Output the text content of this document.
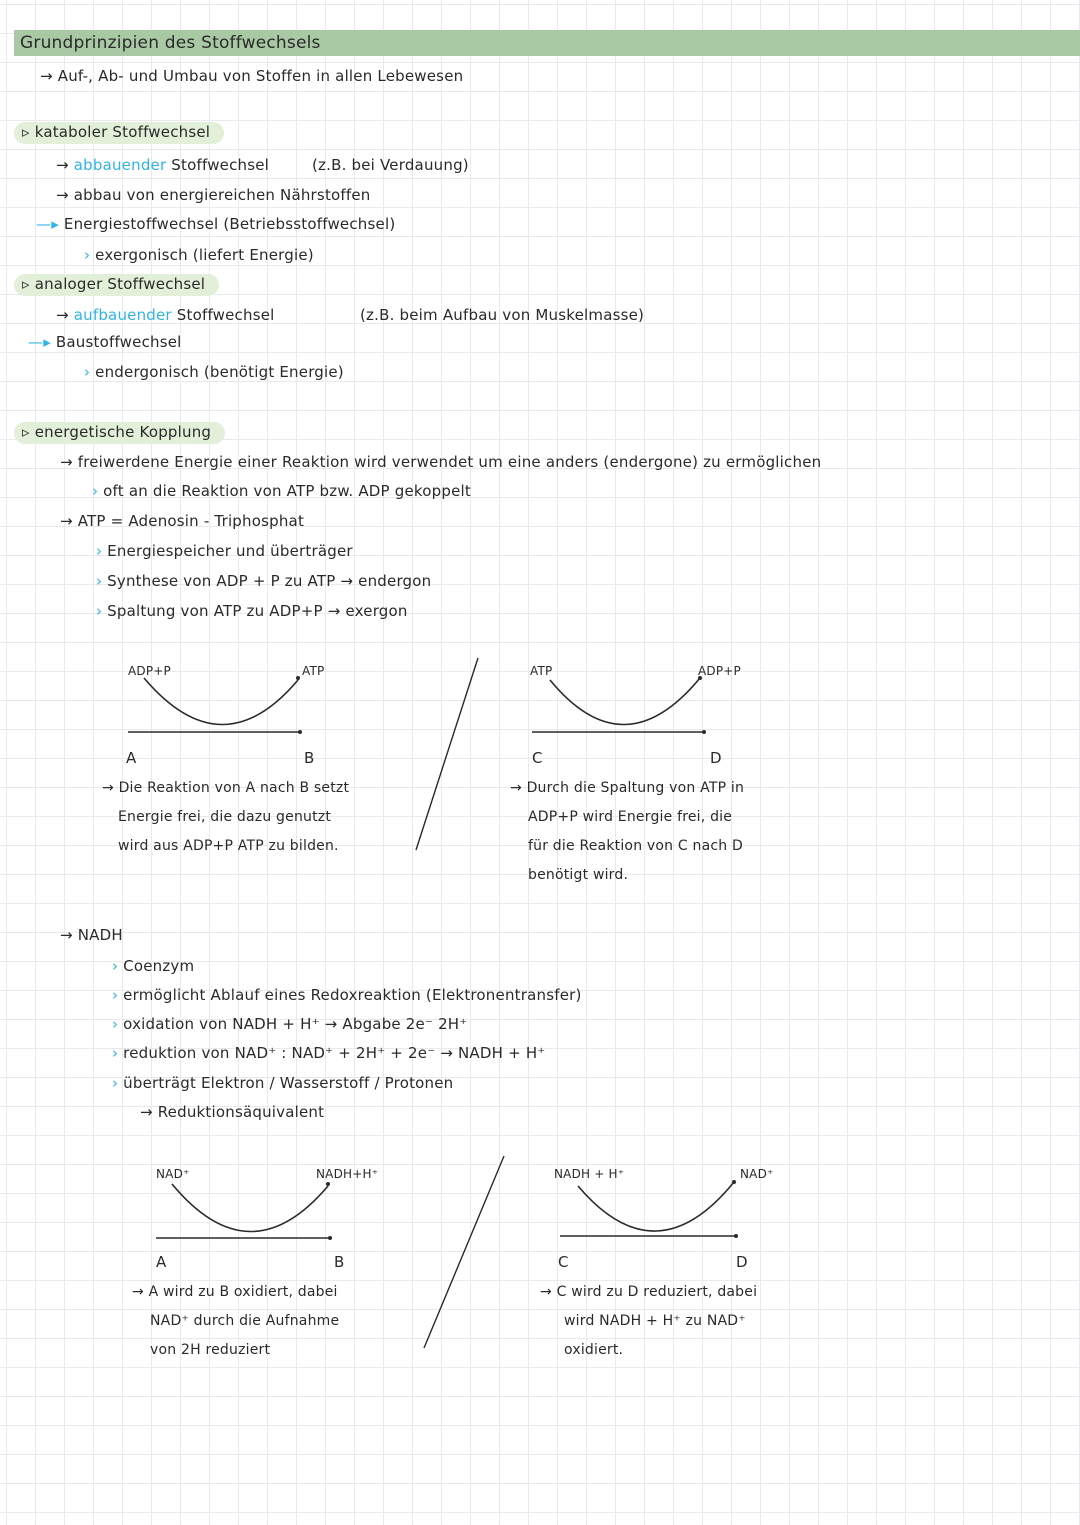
Grundprinzipien des Stoffwechsels
→ Auf-, Ab- und Umbau von Stoffen in allen Lebewesen
▹ kataboler Stoffwechsel
→ abbauender Stoffwechsel	(z.B. bei Verdauung)
→ abbau von energiereichen Nährstoffen
—▸ Energiestoffwechsel (Betriebsstoffwechsel)
› exergonisch (liefert Energie)
▹ analoger Stoffwechsel
→ aufbauender Stoffwechsel	(z.B. beim Aufbau von Muskelmasse)
—▸ Baustoffwechsel
› endergonisch (benötigt Energie)
▹ energetische Kopplung
→ freiwerdene Energie einer Reaktion wird verwendet um eine anders (endergone) zu ermöglichen
› oft an die Reaktion von ATP bzw. ADP gekoppelt
→ ATP = Adenosin - Triphosphat
› Energiespeicher und überträger
› Synthese von ADP + P zu ATP → endergon
› Spaltung von ATP zu ADP+P → exergon
ADP+P	ATP
A	B
→ Die Reaktion von A nach B setzt
Energie frei, die dazu genutzt
wird aus ADP+P ATP zu bilden.
ATP	ADP+P
C	D
→ Durch die Spaltung von ATP in
ADP+P wird Energie frei, die
für die Reaktion von C nach D
benötigt wird.
→ NADH
› Coenzym
› ermöglicht Ablauf eines Redoxreaktion (Elektronentransfer)
› oxidation von NADH + H⁺ → Abgabe 2e⁻ 2H⁺
› reduktion von NAD⁺ : NAD⁺ + 2H⁺ + 2e⁻ → NADH + H⁺
› überträgt Elektron / Wasserstoff / Protonen
→ Reduktionsäquivalent
NAD⁺	NADH+H⁺
A	B
→ A wird zu B oxidiert, dabei
NAD⁺ durch die Aufnahme
von 2H reduziert
NADH + H⁺	NAD⁺
C	D
→ C wird zu D reduziert, dabei
wird NADH + H⁺ zu NAD⁺
oxidiert.
